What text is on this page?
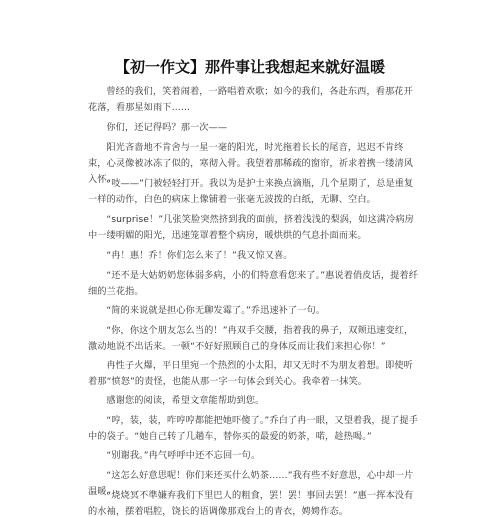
【初一作文】那件事让我想起来就好温暖

曾经的我们，笑着闹着，一路唱着欢歌；如今的我们，各赴东西，看那花开花落，看那星如雨下……

你们，还记得吗？那一次——

阳光吝啬地不肯舍与一星一毫的阳光，时光拖着长长的尾音，迟迟不肯终束，心灵像被冰冻了似的，寒彻入骨。我望着那稀疏的窗帘，祈求着携一缕清风入怀。

“吱——”门被轻轻打开。我以为是护士来换点滴瓶，几个星期了，总是重复一样的动作，白色的病床上像铺着一张毫无波拨的白纸，无聊、空白。

“surprise！”几张笑脸突然挤到我的面前，挤着浅浅的梨涡，如这满冷病房中一缕明媚的阳光，迅速笼罩着整个病房，暖烘烘的气息扑面而来。

“冉！惠！乔！你们怎么来了！”我又惊又喜。

“还不是大姑奶奶您体弱多病，小的们特意看您来了。”惠说着俏皮话，提着纤细的兰花指。

“简的来说就是担心你无聊发霉了。”乔迅速补了一句。

“你，你这个朋友怎么当的！”冉双手交腰，指着我的鼻子，双颊迅速变红，激动地说不出话来。一顿“不好好照顾自己的身体反而让我们来担心你！”

冉性子火爆，平日里宛一个热烈的小太阳，却又无时不为朋友着想。即使听着那“愤怒”的责怪，也能从那一字一句体会到关心。我牵着一抹笑。

感谢您的阅读，希望文章能帮助到您。

“哼，装，装，咋哼哼都能把她吓傻了。”乔白了冉一眼，又望着我，提了提手中的袋子。“她自己转了几趟车，替你买的最爱的奶茶，喏，趁热喝。”

“别谢我。”冉气呼呼中还不忘回一句。

“这怎么好意思呢！你们来还买什么奶茶……”我有些不好意思，心中却一片温暖。

“烧烧冥不準嫌弃我们下里巴人的粗食，罢！罢！事回去罢！”惠一挥本没有的水袖，摆着唱腔，饶长的语调像那戏台上的青衣，娉娉作态。
